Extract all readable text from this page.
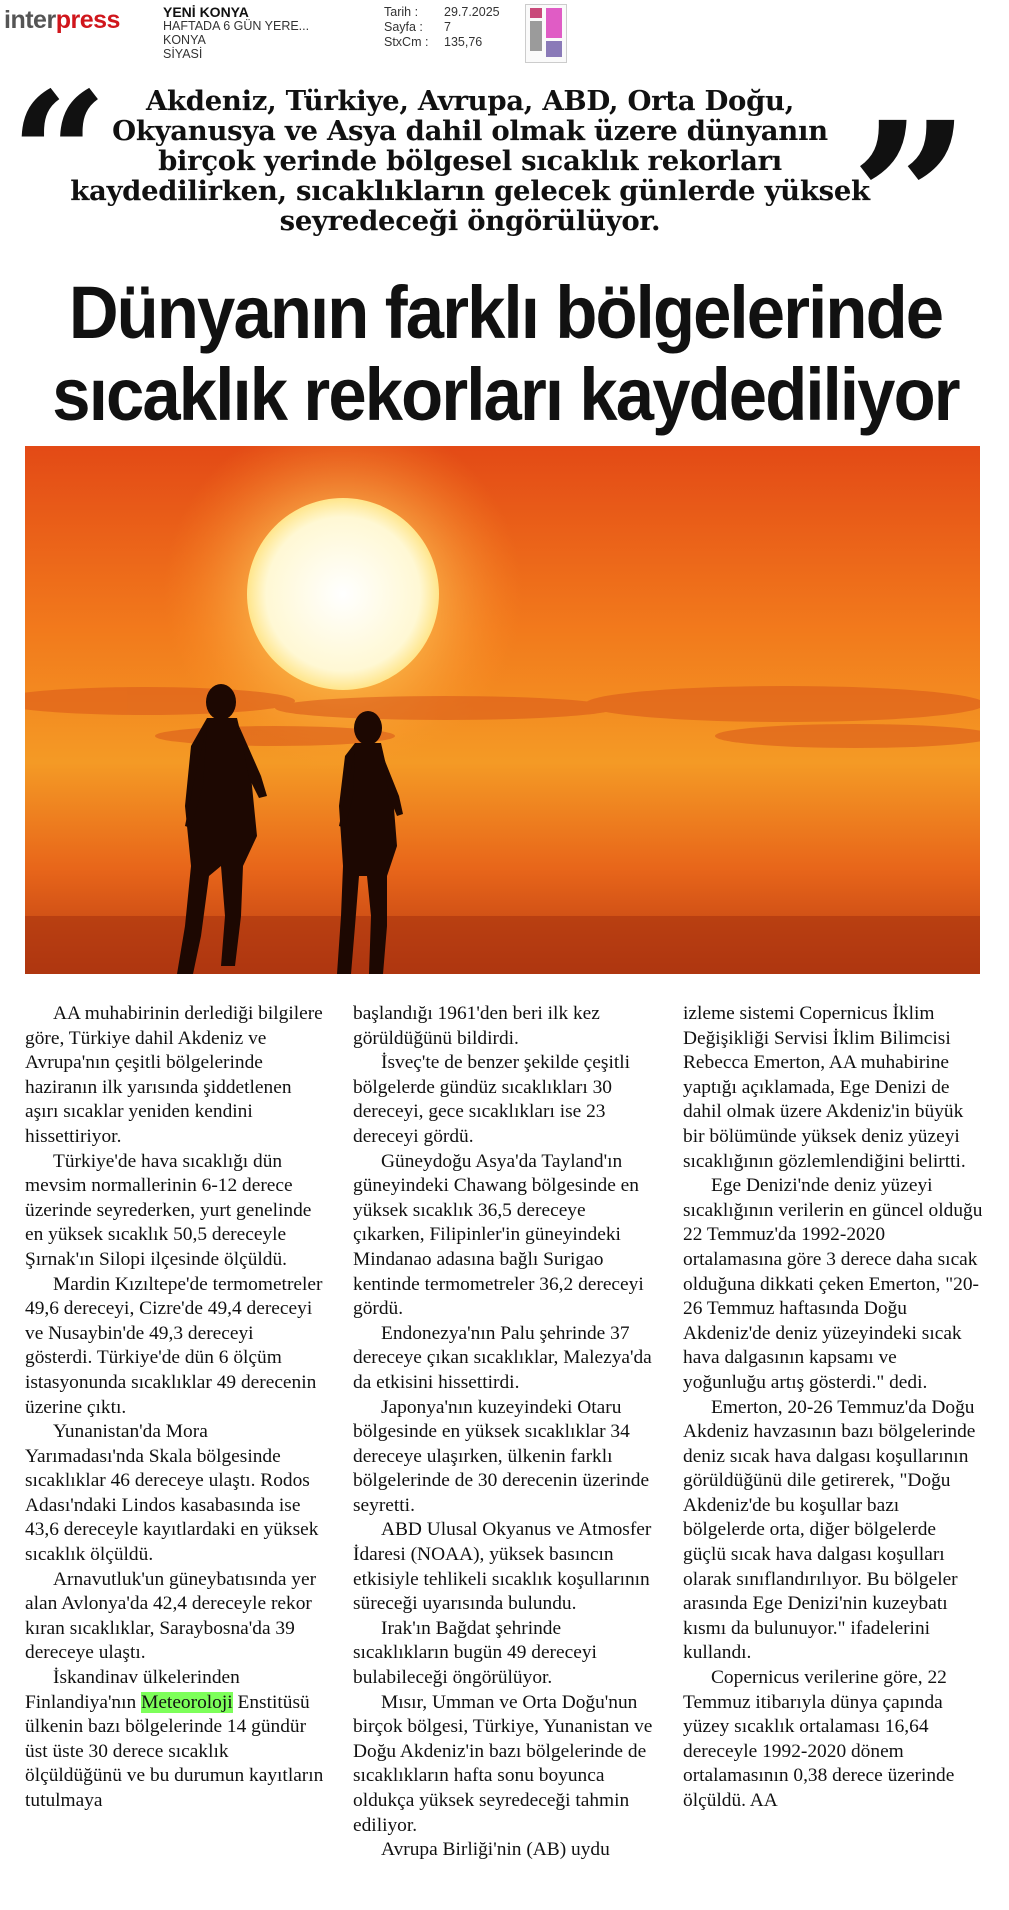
interpress	YENİ KONYA
HAFTADA 6 GÜN YERE...
KONYA
SİYASİ
Tarih :	29.7.2025
Sayfa :	7
StxCm :	135,76
“	Akdeniz, Türkiye, Avrupa, ABD, Orta Doğu, Okyanusya ve Asya dahil olmak üzere dünyanın birçok yerinde bölgesel sıcaklık rekorları kaydedilirken, sıcaklıkların gelecek günlerde yüksek seyredeceği öngörülüyor. ”
Dünyanın farklı bölgelerinde sıcaklık rekorları kaydediliyor

AA muhabirinin derlediği bilgilere göre, Türkiye dahil Akdeniz ve Avrupa'nın çeşitli bölgelerinde haziranın ilk yarısında şiddetlenen aşırı sıcaklar yeniden kendini hissettiriyor.

Türkiye'de hava sıcaklığı dün mevsim normallerinin 6-12 derece üzerinde seyrederken, yurt genelinde en yüksek sıcaklık 50,5 dereceyle Şırnak'ın Silopi ilçesinde ölçüldü.

Mardin Kızıltepe'de termometreler 49,6 dereceyi, Cizre'de 49,4 dereceyi ve Nusaybin'de 49,3 dereceyi gösterdi. Türkiye'de dün 6 ölçüm istasyonunda sıcaklıklar 49 derecenin üzerine çıktı.

Yunanistan'da Mora Yarımadası'nda Skala bölgesinde sıcaklıklar 46 dereceye ulaştı. Rodos Adası'ndaki Lindos kasabasında ise 43,6 dereceyle kayıtlardaki en yüksek sıcaklık ölçüldü.

Arnavutluk'un güneybatısında yer alan Avlonya'da 42,4 dereceyle rekor kıran sıcaklıklar, Saraybosna'da 39 dereceye ulaştı.

İskandinav ülkelerinden Finlandiya'nın Meteoroloji Enstitüsü ülkenin bazı bölgelerinde 14 gündür üst üste 30 derece sıcaklık ölçüldüğünü ve bu durumun kayıtların tutulmaya

başlandığı 1961'den beri ilk kez görüldüğünü bildirdi.

İsveç'te de benzer şekilde çeşitli bölgelerde gündüz sıcaklıkları 30 dereceyi, gece sıcaklıkları ise 23 dereceyi gördü.

Güneydoğu Asya'da Tayland'ın güneyindeki Chawang bölgesinde en yüksek sıcaklık 36,5 dereceye çıkarken, Filipinler'in güneyindeki Mindanao adasına bağlı Surigao kentinde termometreler 36,2 dereceyi gördü.

Endonezya'nın Palu şehrinde 37 dereceye çıkan sıcaklıklar, Malezya'da da etkisini hissettirdi.

Japonya'nın kuzeyindeki Otaru bölgesinde en yüksek sıcaklıklar 34 dereceye ulaşırken, ülkenin farklı bölgelerinde de 30 derecenin üzerinde seyretti.

ABD Ulusal Okyanus ve Atmosfer İdaresi (NOAA), yüksek basıncın etkisiyle tehlikeli sıcaklık koşullarının süreceği uyarısında bulundu.

Irak'ın Bağdat şehrinde sıcaklıkların bugün 49 dereceyi bulabileceği öngörülüyor.

Mısır, Umman ve Orta Doğu'nun birçok bölgesi, Türkiye, Yunanistan ve Doğu Akdeniz'in bazı bölgelerinde de sıcaklıkların hafta sonu boyunca oldukça yüksek seyredeceği tahmin ediliyor.

Avrupa Birliği'nin (AB) uydu

izleme sistemi Copernicus İklim Değişikliği Servisi İklim Bilimcisi Rebecca Emerton, AA muhabirine yaptığı açıklamada, Ege Denizi de dahil olmak üzere Akdeniz'in büyük bir bölümünde yüksek deniz yüzeyi sıcaklığının gözlemlendiğini belirtti.

Ege Denizi'nde deniz yüzeyi sıcaklığının verilerin en güncel olduğu 22 Temmuz'da 1992-2020 ortalamasına göre 3 derece daha sıcak olduğuna dikkati çeken Emerton, "20-26 Temmuz haftasında Doğu Akdeniz'de deniz yüzeyindeki sıcak hava dalgasının kapsamı ve yoğunluğu artış gösterdi." dedi.

Emerton, 20-26 Temmuz'da Doğu Akdeniz havzasının bazı bölgelerinde deniz sıcak hava dalgası koşullarının görüldüğünü dile getirerek, "Doğu Akdeniz'de bu koşullar bazı bölgelerde orta, diğer bölgelerde güçlü sıcak hava dalgası koşulları olarak sınıflandırılıyor. Bu bölgeler arasında Ege Denizi'nin kuzeybatı kısmı da bulunuyor." ifadelerini kullandı.

Copernicus verilerine göre, 22 Temmuz itibarıyla dünya çapında yüzey sıcaklık ortalaması 16,64 dereceyle 1992-2020 dönem ortalamasının 0,38 derece üzerinde ölçüldü. AA
